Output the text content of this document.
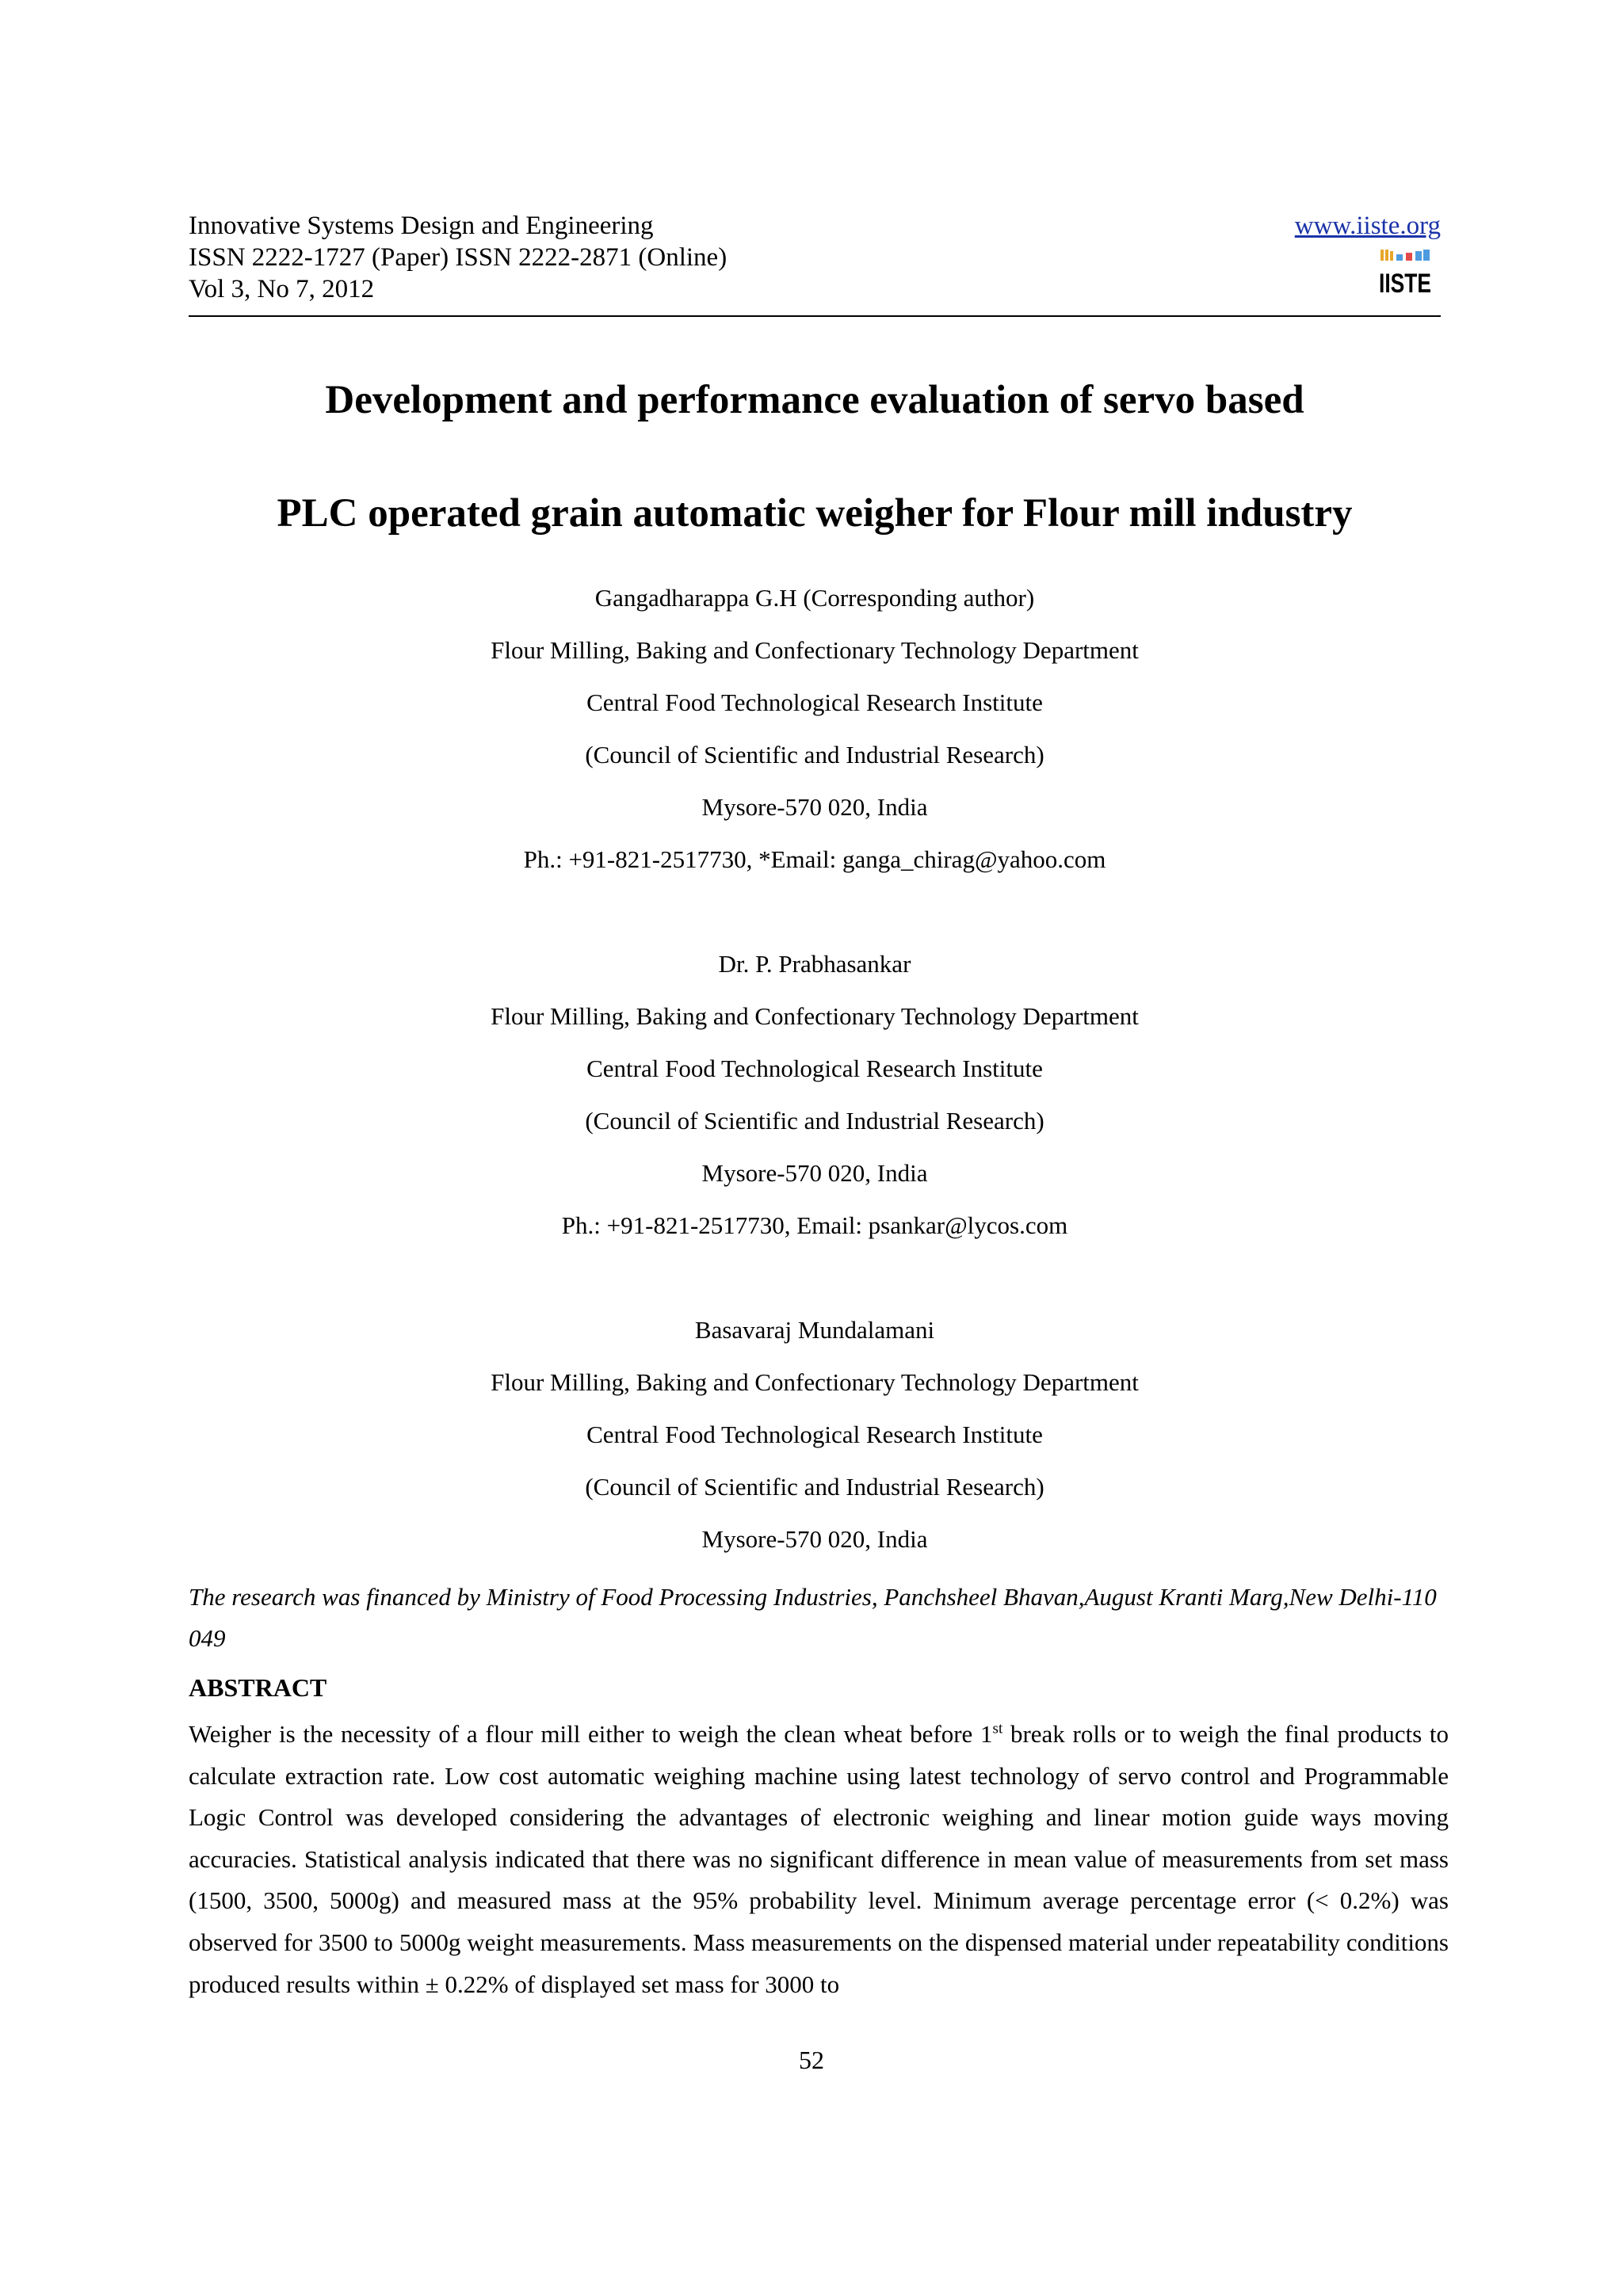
Innovative Systems Design and Engineering
ISSN 2222-1727 (Paper) ISSN 2222-2871 (Online)
Vol 3, No 7, 2012
www.iiste.org
IISTE
Development and performance evaluation of servo based
PLC operated grain automatic weigher for Flour mill industry
Gangadharappa G.H (Corresponding author)
Flour Milling, Baking and Confectionary Technology Department
Central Food Technological Research Institute
(Council of Scientific and Industrial Research)
Mysore-570 020, India
Ph.: +91-821-2517730, *Email: ganga_chirag@yahoo.com
Dr. P. Prabhasankar
Flour Milling, Baking and Confectionary Technology Department
Central Food Technological Research Institute
(Council of Scientific and Industrial Research)
Mysore-570 020, India
Ph.: +91-821-2517730, Email: psankar@lycos.com
Basavaraj Mundalamani
Flour Milling, Baking and Confectionary Technology Department
Central Food Technological Research Institute
(Council of Scientific and Industrial Research)
Mysore-570 020, India
The research was financed by Ministry of Food Processing Industries, Panchsheel Bhavan,August Kranti Marg,New Delhi-110 049
ABSTRACT
Weigher is the necessity of a flour mill either to weigh the clean wheat before 1st break rolls or to weigh the final products to calculate extraction rate. Low cost automatic weighing machine using latest technology of servo control and Programmable Logic Control was developed considering the advantages of electronic weighing and linear motion guide ways moving accuracies. Statistical analysis indicated that there was no significant difference in mean value of measurements from set mass (1500, 3500, 5000g) and measured mass at the 95% probability level. Minimum average percentage error (< 0.2%) was observed for 3500 to 5000g weight measurements. Mass measurements on the dispensed material under repeatability conditions produced results within ± 0.22% of displayed set mass for 3000 to
52
